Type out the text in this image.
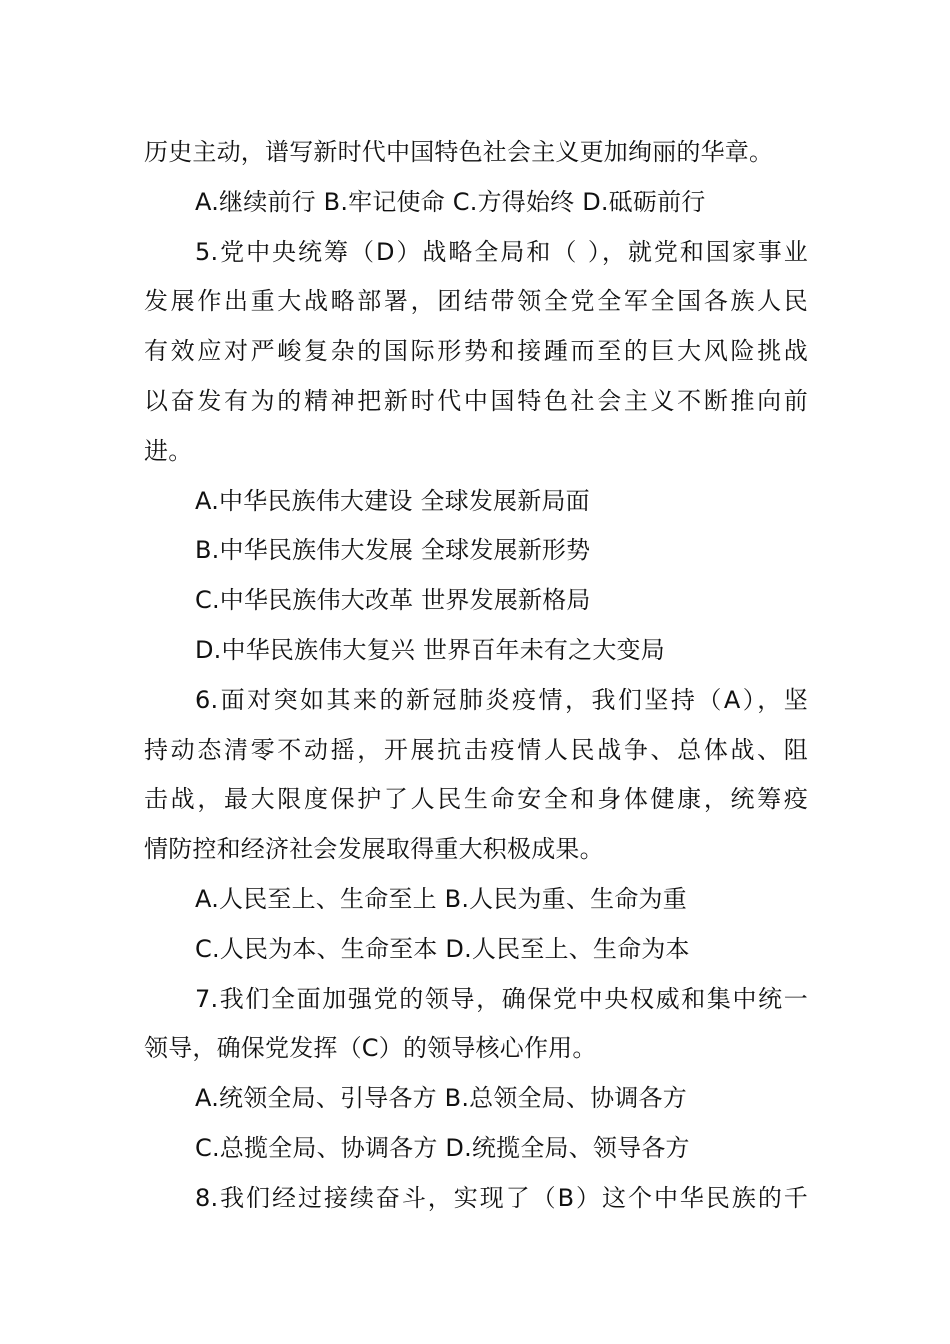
历史主动，谱写新时代中国特色社会主义更加绚丽的华章。
A.继续前行 B.牢记使命 C.方得始终 D.砥砺前行
5.党中央统筹（D）战略全局和（ ），就党和国家事业
发展作出重大战略部署，团结带领全党全军全国各族人民
有效应对严峻复杂的国际形势和接踵而至的巨大风险挑战
以奋发有为的精神把新时代中国特色社会主义不断推向前
进。
A.中华民族伟大建设 全球发展新局面
B.中华民族伟大发展 全球发展新形势
C.中华民族伟大改革 世界发展新格局
D.中华民族伟大复兴 世界百年未有之大变局
6.面对突如其来的新冠肺炎疫情，我们坚持（A），坚
持动态清零不动摇，开展抗击疫情人民战争、总体战、阻
击战，最大限度保护了人民生命安全和身体健康，统筹疫
情防控和经济社会发展取得重大积极成果。
A.人民至上、生命至上 B.人民为重、生命为重
C.人民为本、生命至本 D.人民至上、生命为本
7.我们全面加强党的领导，确保党中央权威和集中统一
领导，确保党发挥（C）的领导核心作用。
A.统领全局、引导各方 B.总领全局、协调各方
C.总揽全局、协调各方 D.统揽全局、领导各方
8.我们经过接续奋斗，实现了（B）这个中华民族的千
